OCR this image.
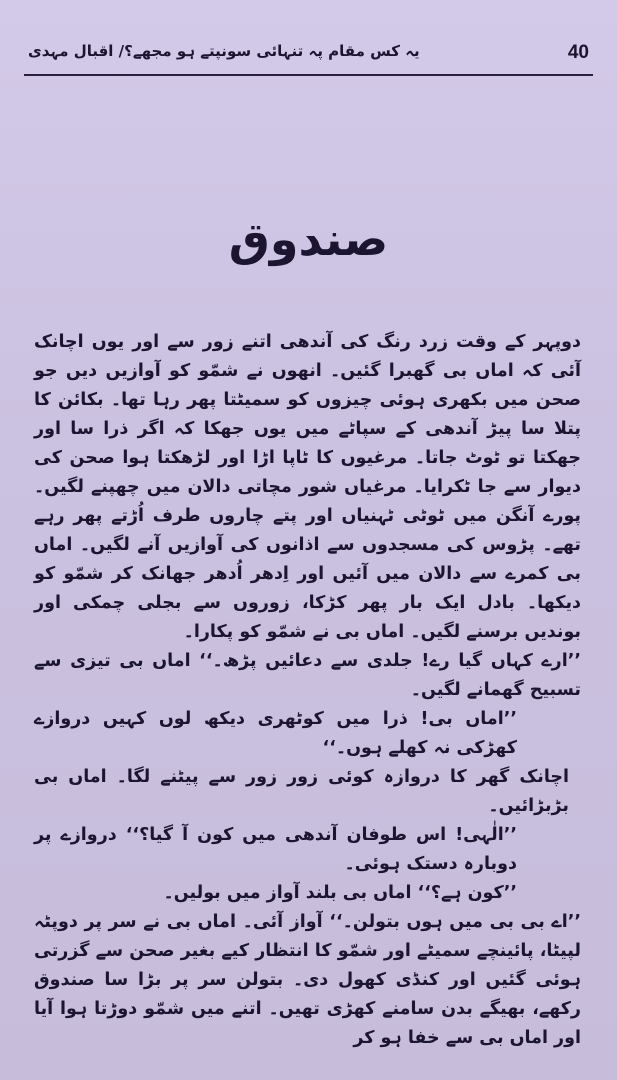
40
یہ کس مقام پہ تنہائی سونپتے ہو مجھے؟/ اقبال مہدی
صندوق

دوپہر کے وقت زرد رنگ کی آندھی اتنے زور سے اور یوں اچانک آئی کہ اماں بی گھبرا گئیں۔ انھوں نے شمّو کو آوازیں دیں جو صحن میں بکھری ہوئی چیزوں کو سمیٹتا پھر رہا تھا۔ بکائن کا پتلا سا پیڑ آندھی کے سپاٹے میں یوں جھکا کہ اگر ذرا سا اور جھکتا تو ٹوٹ جاتا۔ مرغیوں کا ٹاپا اڑا اور لڑھکتا ہوا صحن کی دیوار سے جا ٹکرایا۔ مرغیاں شور مچاتی دالان میں چھپنے لگیں۔ پورے آنگن میں ٹوٹی ٹہنیاں اور پتے چاروں طرف اُڑتے پھر رہے تھے۔ پڑوس کی مسجدوں سے اذانوں کی آوازیں آنے لگیں۔ اماں بی کمرے سے دالان میں آئیں اور اِدھر اُدھر جھانک کر شمّو کو دیکھا۔ بادل ایک بار پھر کڑکا، زوروں سے بجلی چمکی اور بوندیں برسنے لگیں۔ اماں بی نے شمّو کو پکارا۔

’’ارے کہاں گیا رے! جلدی سے دعائیں پڑھ۔‘‘ اماں بی تیزی سے تسبیح گھمانے لگیں۔

’’اماں بی! ذرا میں کوٹھری دیکھ لوں کہیں دروازے کھڑکی نہ کھلے ہوں۔‘‘

اچانک گھر کا دروازہ کوئی زور زور سے پیٹنے لگا۔ اماں بی بڑبڑائیں۔

’’الٰہی! اس طوفان آندھی میں کون آ گیا؟‘‘ دروازے پر دوبارہ دستک ہوئی۔

’’کون ہے؟‘‘ اماں بی بلند آواز میں بولیں۔

’’اے بی بی میں ہوں بتولن۔‘‘ آواز آئی۔ اماں بی نے سر پر دوپٹہ لپیٹا، پائینچے سمیٹے اور شمّو کا انتظار کیے بغیر صحن سے گزرتی ہوئی گئیں اور کنڈی کھول دی۔ بتولن سر پر بڑا سا صندوق رکھے، بھیگے بدن سامنے کھڑی تھیں۔ اتنے میں شمّو دوڑتا ہوا آیا اور اماں بی سے خفا ہو کر
